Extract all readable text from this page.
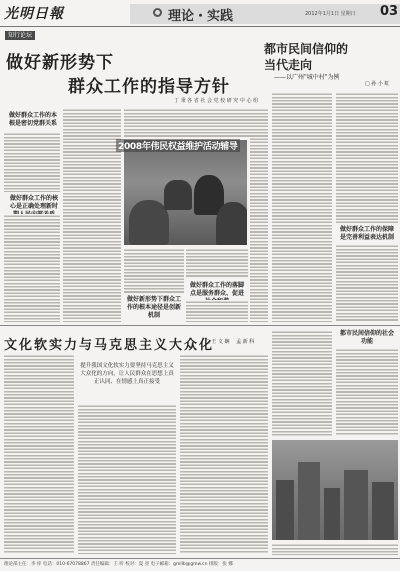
光明日報	理论・实践	2012年1月1日 星期日 03
知行论坛
做好新形势下
群众工作的指导方针
丁 秉 各 省 社 会 党 校 研 究 中 心 组
做好群众工作的本根是密切党群关系
做好群众工作的核心是正确处理新时
2008年伟民权益维护活动辅导
做好新形势下群众工作的根本途径是创新机制
做好群众工作的落脚点是服务群众、促进
都市民间信仰的
当代走向
——以广州"城中村"为例
□ 孙 小 虹
做好群众工作的保障是完善利益表达机制
都市民间信仰的社会功能
文化软实力与马克思主义大众化
□ 王 文 娴　 孟 新 科
提升我国文化软实力要坚持马克思主义大众化的方向，让人民群众在思想上真正认同、在情感上真正接受
理论部主任：李 梓 电话：010-67078867 责任编辑：王 昕 校对：夏 亮 电子邮箱：gmllb@gmw.cn 排版：张 娜
